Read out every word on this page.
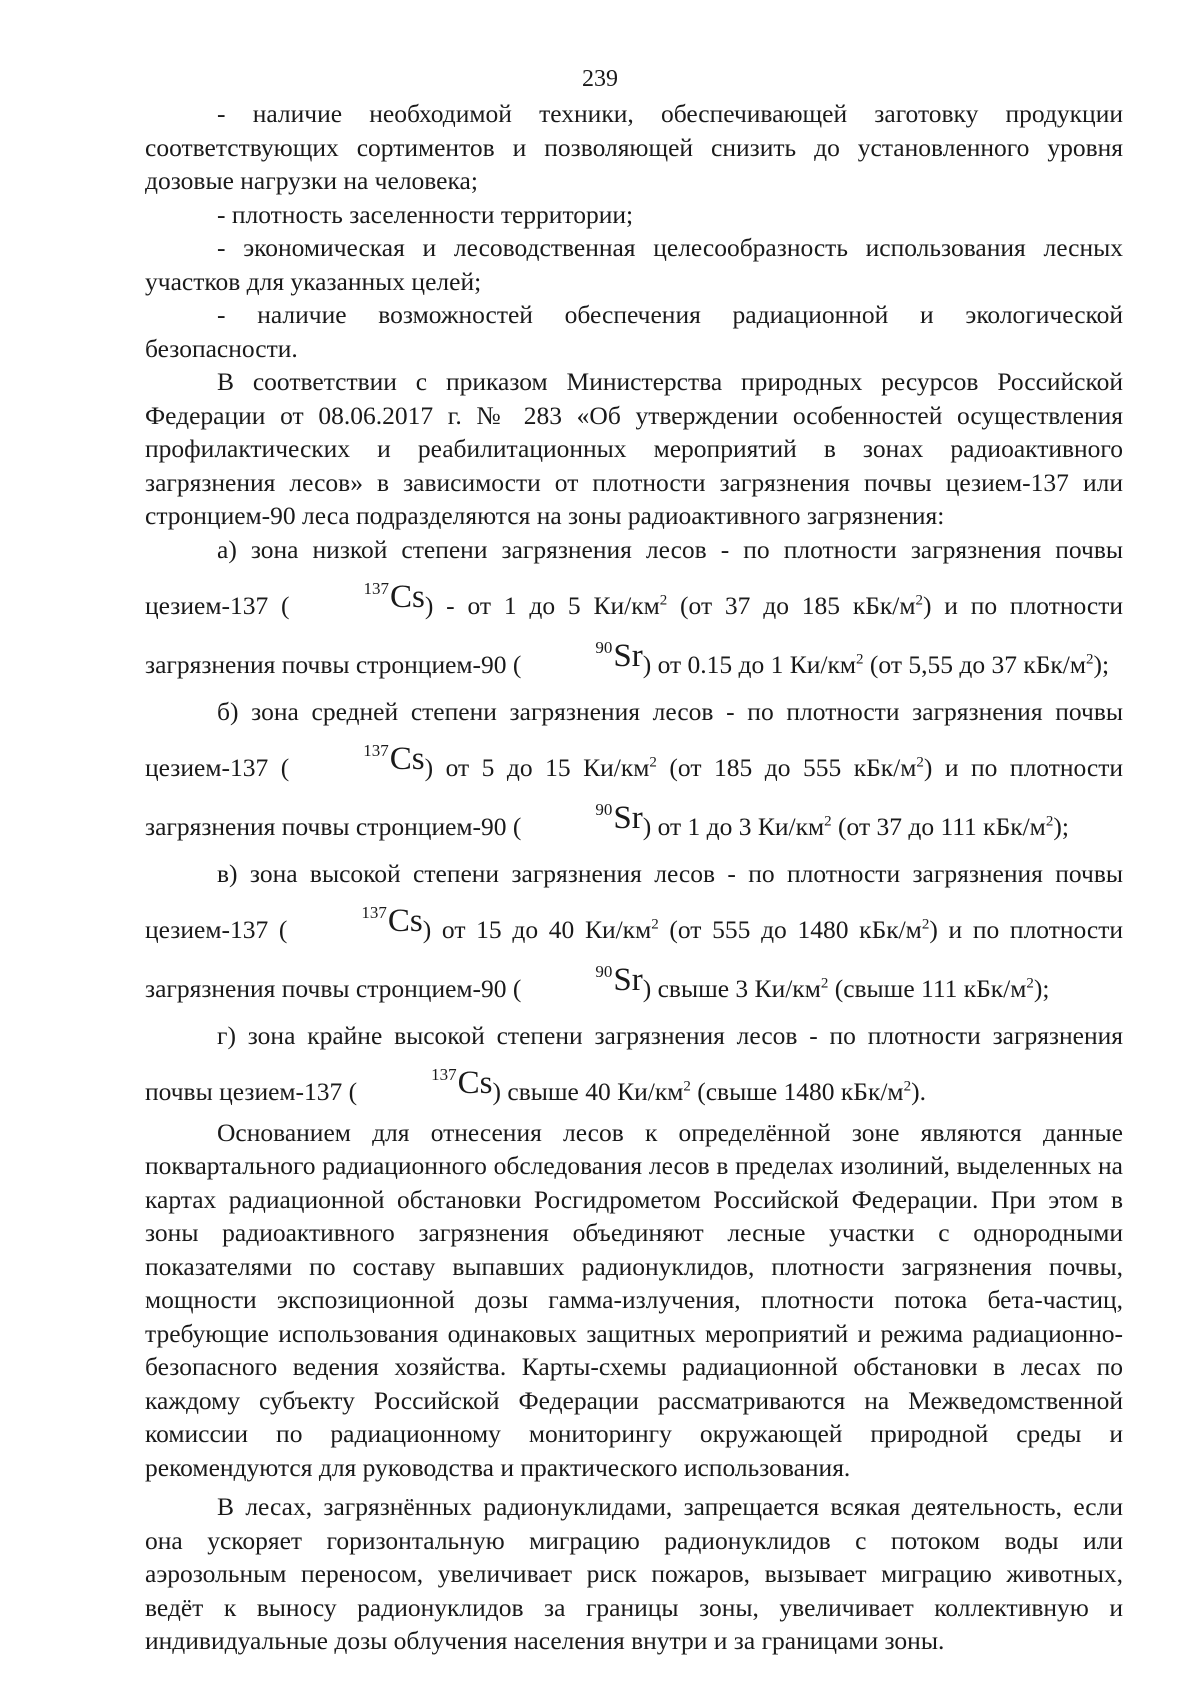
239

- наличие необходимой техники, обеспечивающей заготовку продукции соответствующих сортиментов и позволяющей снизить до установленного уровня дозовые нагрузки на человека;

- плотность заселенности территории;

- экономическая и лесоводственная целесообразность использования лесных участков для указанных целей;

- наличие возможностей обеспечения радиационной и экологической безопасности.

В соответствии с приказом Министерства природных ресурсов Российской Федерации от 08.06.2017 г. № 283 «Об утверждении особенностей осуществления профилактических и реабилитационных мероприятий в зонах радиоактивного загрязнения лесов» в зависимости от плотности загрязнения почвы цезием-137 или стронцием-90 леса подразделяются на зоны радиоактивного загрязнения:

а) зона низкой степени загрязнения лесов - по плотности загрязнения почвы цезием-137 ($^{137}$Cs) - от 1 до 5 $Ки/км^2$ (от 37 до 185 кБк/$м^2$) и по плотности загрязнения почвы стронцием-90 ($^{90}$Sr) от 0.15 до 1 $Ки/км^2$ (от 5,55 до 37 кБк/$м^2$);

б) зона средней степени загрязнения лесов - по плотности загрязнения почвы цезием-137 ($^{137}$Cs) от 5 до 15 $Ки/км^2$ (от 185 до 555 кБк/$м^2$) и по плотности загрязнения почвы стронцием-90 ($^{90}$Sr) от 1 до 3 $Ки/км^2$ (от 37 до 111 кБк/$м^2$);

в) зона высокой степени загрязнения лесов - по плотности загрязнения почвы цезием-137 ($^{137}$Cs) от 15 до 40 $Ки/км^2$ (от 555 до 1480 кБк/$м^2$) и по плотности загрязнения почвы стронцием-90 ($^{90}$Sr) свыше 3 $Ки/км^2$ (свыше 111 кБк/$м^2$);

г) зона крайне высокой степени загрязнения лесов - по плотности загрязнения почвы цезием-137 ($^{137}$Cs) свыше 40 $Ки/км^2$ (свыше 1480 кБк/$м^2$).

Основанием для отнесения лесов к определённой зоне являются данные поквартального радиационного обследования лесов в пределах изолиний, выделенных на картах радиационной обстановки Росгидрометом Российской Федерации. При этом в зоны радиоактивного загрязнения объединяют лесные участки с однородными показателями по составу выпавших радионуклидов, плотности загрязнения почвы, мощности экспозиционной дозы гамма-излучения, плотности потока бета-частиц, требующие использования одинаковых защитных мероприятий и режима радиационно-безопасного ведения хозяйства. Карты-схемы радиационной обстановки в лесах по каждому субъекту Российской Федерации рассматриваются на Межведомственной комиссии по радиационному мониторингу окружающей природной среды и рекомендуются для руководства и практического использования.

В лесах, загрязнённых радионуклидами, запрещается всякая деятельность, если она ускоряет горизонтальную миграцию радионуклидов с потоком воды или аэрозольным переносом, увеличивает риск пожаров, вызывает миграцию животных, ведёт к выносу радионуклидов за границы зоны, увеличивает коллективную и индивидуальные дозы облучения населения внутри и за границами зоны.
